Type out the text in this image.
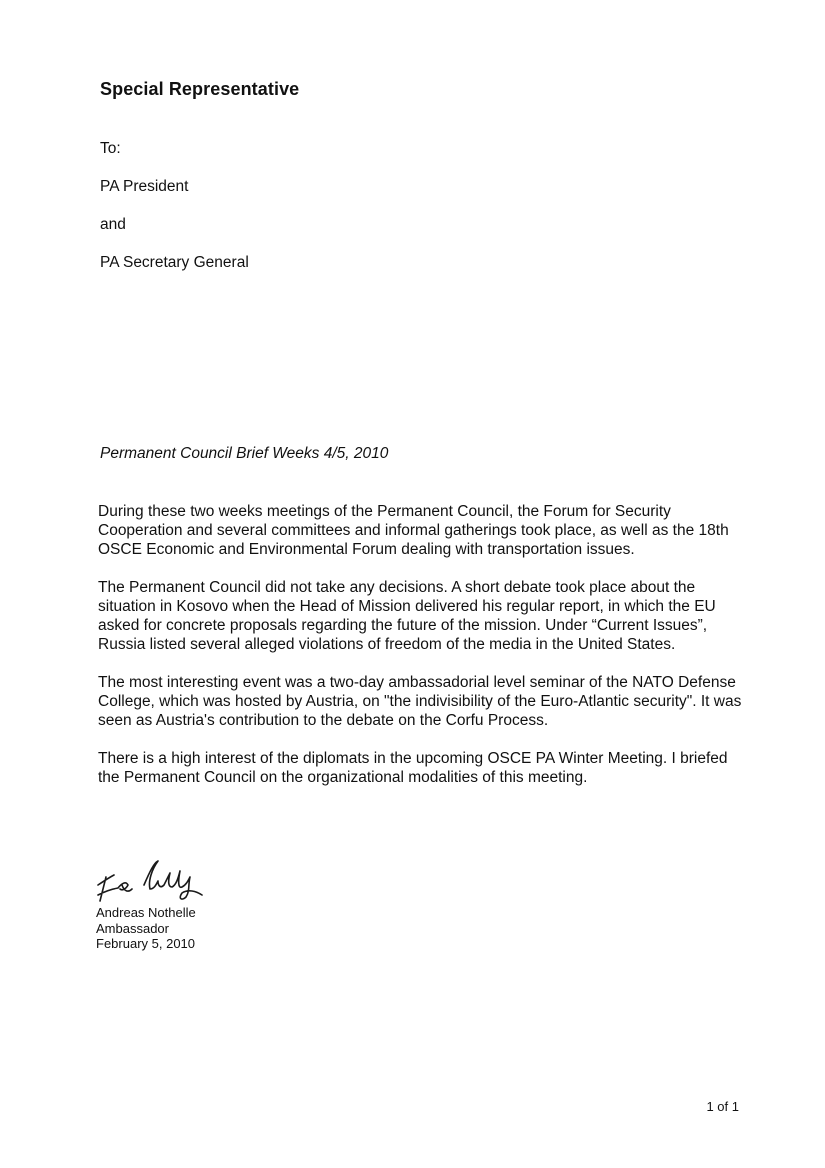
Special Representative
To:
PA President
and
PA Secretary General
Permanent Council Brief Weeks 4/5, 2010

During these two weeks meetings of the Permanent Council, the Forum for Security Cooperation and several committees and informal gatherings took place, as well as the 18th OSCE Economic and Environmental Forum dealing with transportation issues.

The Permanent Council did not take any decisions. A short debate took place about the situation in Kosovo when the Head of Mission delivered his regular report, in which the EU asked for concrete proposals regarding the future of the mission. Under “Current Issues”, Russia listed several alleged violations of freedom of the media in the United States.

The most interesting event was a two-day ambassadorial level seminar of the NATO Defense College, which was hosted by Austria, on "the indivisibility of the Euro-Atlantic security". It was seen as Austria's contribution to the debate on the Corfu Process.

There is a high interest of the diplomats in the upcoming OSCE PA Winter Meeting. I briefed the Permanent Council on the organizational modalities of this meeting.

Andreas Nothelle
Ambassador
February 5, 2010
1 of 1
